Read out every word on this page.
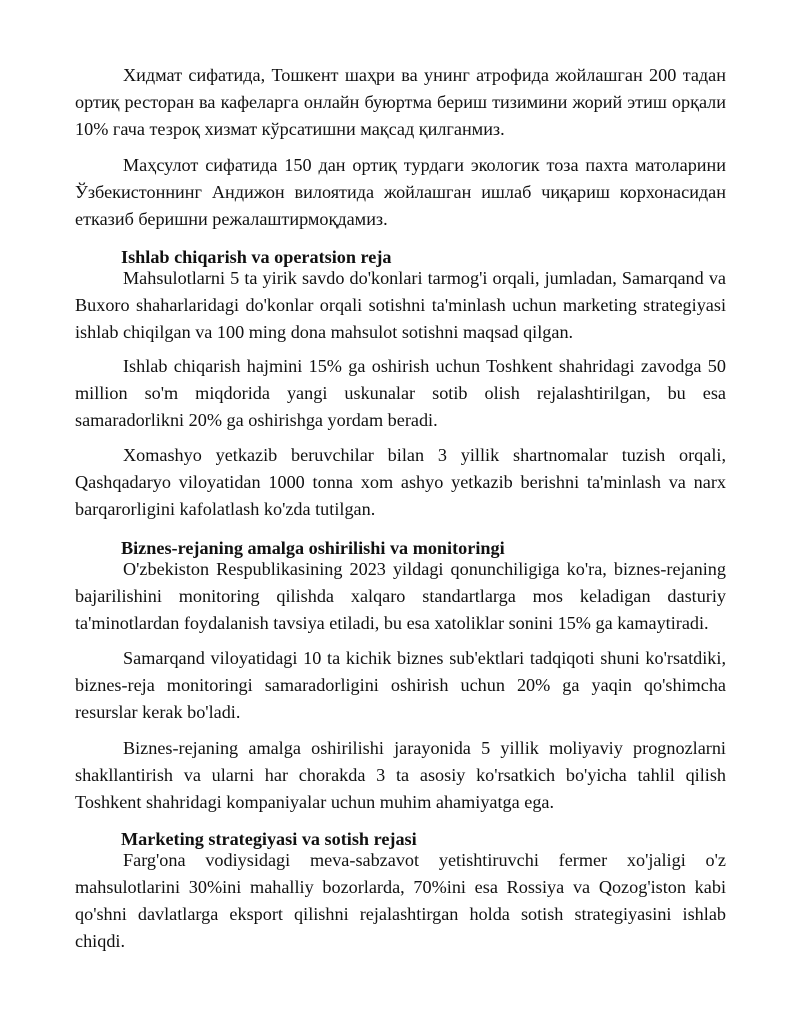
Хидмат сифатида, Тошкент шаҳри ва унинг атрофида жойлашган 200 тадан ортиқ ресторан ва кафеларга онлайн буюртма бериш тизимини жорий этиш орқали 10% гача тезроқ хизмат кўрсатишни мақсад қилганмиз.

Маҳсулот сифатида 150 дан ортиқ турдаги экологик тоза пахта матоларини Ўзбекистоннинг Андижон вилоятида жойлашган ишлаб чиқариш корхонасидан етказиб беришни режалаштирмоқдамиз.

Ishlab chiqarish va operatsion reja

Mahsulotlarni 5 ta yirik savdo do'konlari tarmog'i orqali, jumladan, Samarqand va Buxoro shaharlaridagi do'konlar orqali sotishni ta'minlash uchun marketing strategiyasi ishlab chiqilgan va 100 ming dona mahsulot sotishni maqsad qilgan.

Ishlab chiqarish hajmini 15% ga oshirish uchun Toshkent shahridagi zavodga 50 million so'm miqdorida yangi uskunalar sotib olish rejalashtirilgan, bu esa samaradorlikni 20% ga oshirishga yordam beradi.

Xomashyo yetkazib beruvchilar bilan 3 yillik shartnomalar tuzish orqali, Qashqadaryo viloyatidan 1000 tonna xom ashyo yetkazib berishni ta'minlash va narx barqarorligini kafolatlash ko'zda tutilgan.

Biznes-rejaning amalga oshirilishi va monitoringi

O'zbekiston Respublikasining 2023 yildagi qonunchiligiga ko'ra, biznes-rejaning bajarilishini monitoring qilishda xalqaro standartlarga mos keladigan dasturiy ta'minotlardan foydalanish tavsiya etiladi, bu esa xatoliklar sonini 15% ga kamaytiradi.

Samarqand viloyatidagi 10 ta kichik biznes sub'ektlari tadqiqoti shuni ko'rsatdiki, biznes-reja monitoringi samaradorligini oshirish uchun 20% ga yaqin qo'shimcha resurslar kerak bo'ladi.

Biznes-rejaning amalga oshirilishi jarayonida 5 yillik moliyaviy prognozlarni shakllantirish va ularni har chorakda 3 ta asosiy ko'rsatkich bo'yicha tahlil qilish Toshkent shahridagi kompaniyalar uchun muhim ahamiyatga ega.

Marketing strategiyasi va sotish rejasi

Farg'ona vodiysidagi meva-sabzavot yetishtiruvchi fermer xo'jaligi o'z mahsulotlarini 30%ini mahalliy bozorlarda, 70%ini esa Rossiya va Qozog'iston kabi qo'shni davlatlarga eksport qilishni rejalashtirgan holda sotish strategiyasini ishlab chiqdi.
